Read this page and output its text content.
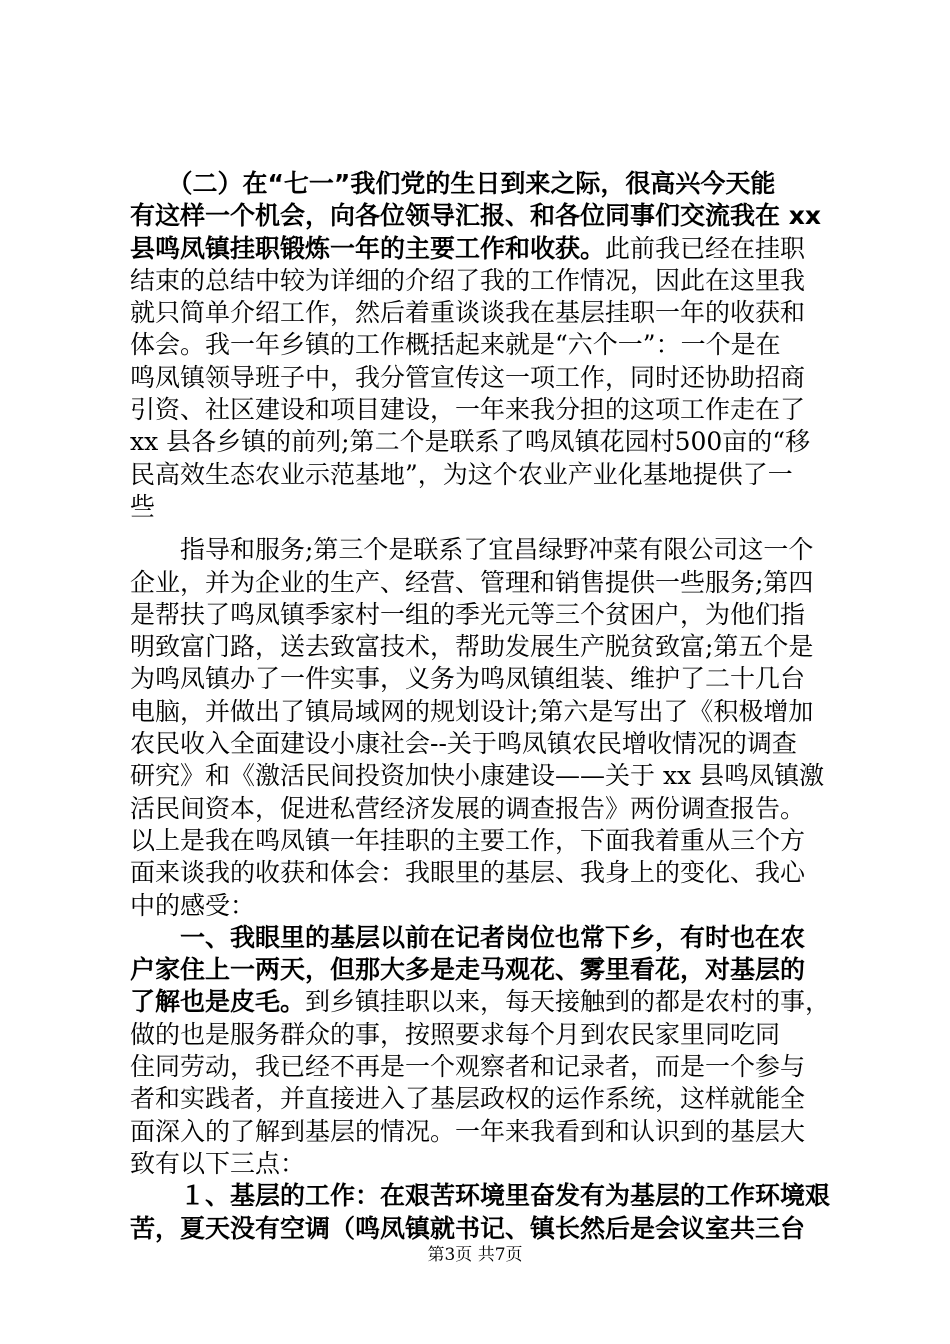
　　（二）在“七一”我们党的生日到来之际，很高兴今天能
有这样一个机会，向各位领导汇报、和各位同事们交流我在 xx
县鸣凤镇挂职锻炼一年的主要工作和收获。此前我已经在挂职
结束的总结中较为详细的介绍了我的工作情况，因此在这里我
就只简单介绍工作，然后着重谈谈我在基层挂职一年的收获和
体会。我一年乡镇的工作概括起来就是“六个一”：一个是在
鸣凤镇领导班子中，我分管宣传这一项工作，同时还协助招商
引资、社区建设和项目建设，一年来我分担的这项工作走在了
xx 县各乡镇的前列;第二个是联系了鸣凤镇花园村500亩的“移
民高效生态农业示范基地”，为这个农业产业化基地提供了一
些
　　指导和服务;第三个是联系了宜昌绿野冲菜有限公司这一个
企业，并为企业的生产、经营、管理和销售提供一些服务;第四
是帮扶了鸣凤镇季家村一组的季光元等三个贫困户，为他们指
明致富门路，送去致富技术，帮助发展生产脱贫致富;第五个是
为鸣凤镇办了一件实事，义务为鸣凤镇组装、维护了二十几台
电脑，并做出了镇局域网的规划设计;第六是写出了《积极增加
农民收入全面建设小康社会--关于鸣凤镇农民增收情况的调查
研究》和《激活民间投资加快小康建设——关于 xx 县鸣凤镇激
活民间资本，促进私营经济发展的调查报告》两份调查报告。
以上是我在鸣凤镇一年挂职的主要工作，下面我着重从三个方
面来谈我的收获和体会：我眼里的基层、我身上的变化、我心
中的感受：
　　一、我眼里的基层以前在记者岗位也常下乡，有时也在农
户家住上一两天，但那大多是走马观花、雾里看花，对基层的
了解也是皮毛。到乡镇挂职以来，每天接触到的都是农村的事，
做的也是服务群众的事，按照要求每个月到农民家里同吃同
住同劳动，我已经不再是一个观察者和记录者，而是一个参与
者和实践者，并直接进入了基层政权的运作系统，这样就能全
面深入的了解到基层的情况。一年来我看到和认识到的基层大
致有以下三点：
　　１、基层的工作：在艰苦环境里奋发有为基层的工作环境艰
苦，夏天没有空调（鸣凤镇就书记、镇长然后是会议室共三台
第3页 共7页
